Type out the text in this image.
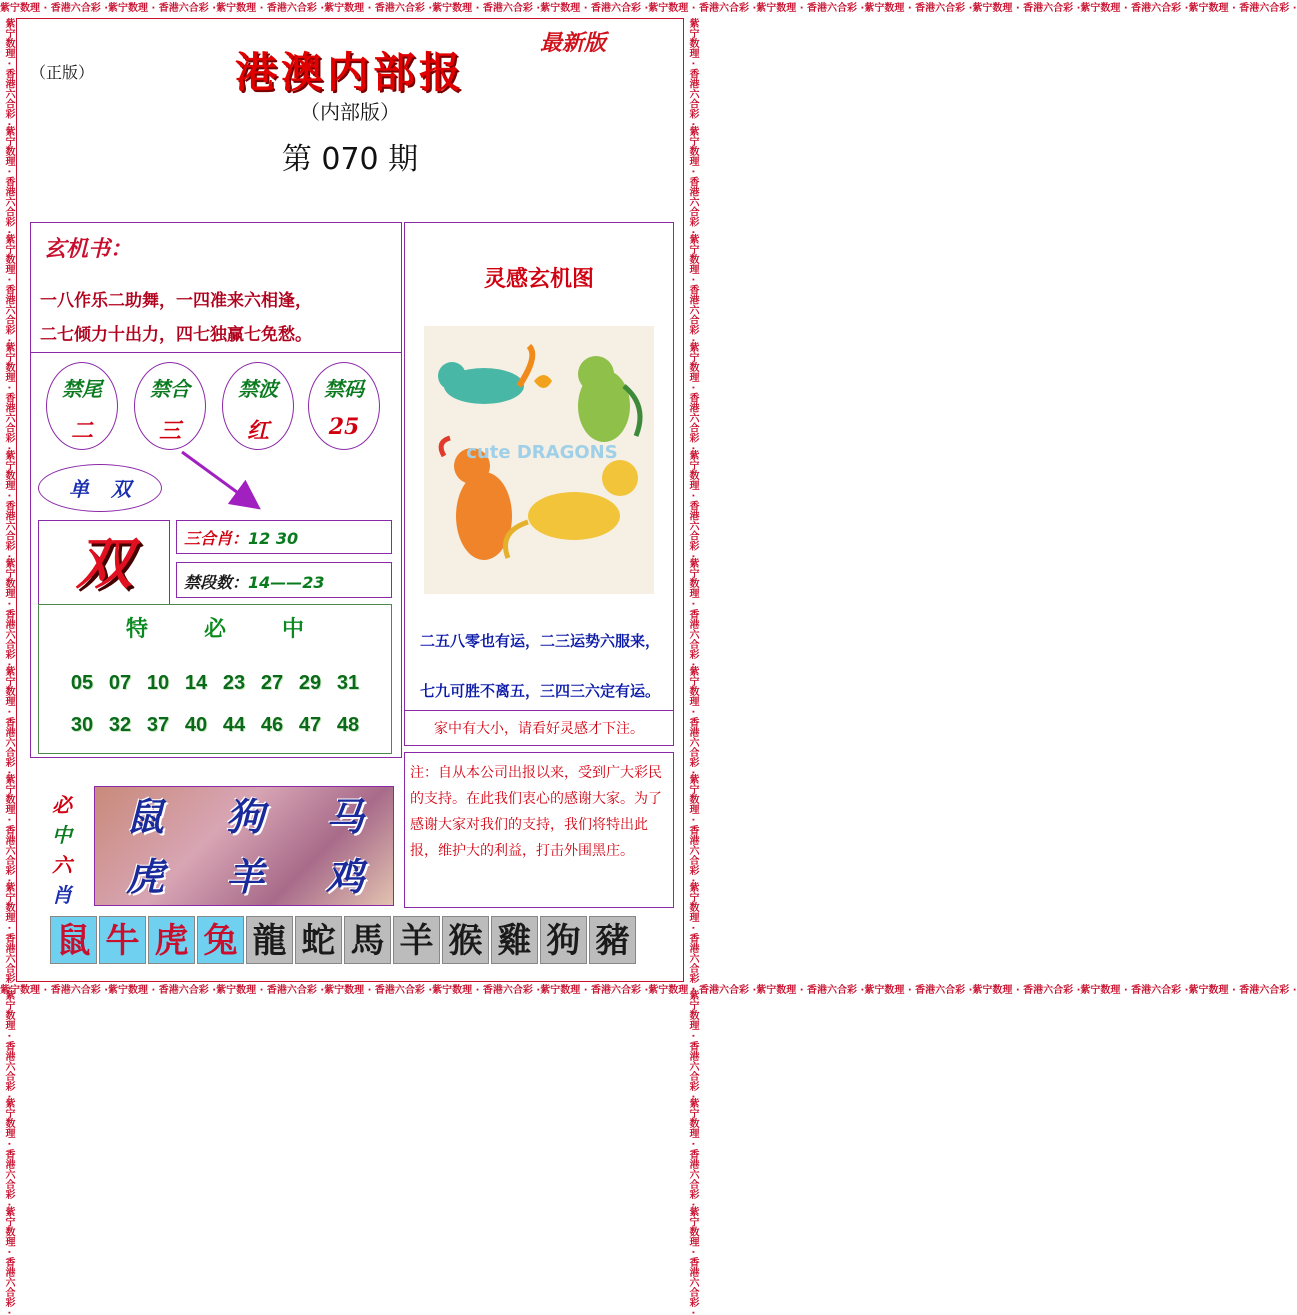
紫宁数理 · 香港六合彩 ·紫宁数理 · 香港六合彩 ·紫宁数理 · 香港六合彩 ·紫宁数理 · 香港六合彩 ·紫宁数理 · 香港六合彩 ·紫宁数理 · 香港六合彩 ·紫宁数理 · 香港六合彩 ·紫宁数理 · 香港六合彩 ·紫宁数理 · 香港六合彩 ·紫宁数理 · 香港六合彩 ·紫宁数理 · 香港六合彩 ·紫宁数理 · 香港六合彩 ·
紫宁数理 · 香港六合彩 ·紫宁数理 · 香港六合彩 ·紫宁数理 · 香港六合彩 ·紫宁数理 · 香港六合彩 ·紫宁数理 · 香港六合彩 ·紫宁数理 · 香港六合彩 ·紫宁数理 · 香港六合彩 ·紫宁数理 · 香港六合彩 ·紫宁数理 · 香港六合彩 ·紫宁数理 · 香港六合彩 ·紫宁数理 · 香港六合彩 ·紫宁数理 · 香港六合彩 ·
紫宁数理 · 香港六合彩 ·紫宁数理 · 香港六合彩 ·紫宁数理 · 香港六合彩 ·紫宁数理 · 香港六合彩 ·紫宁数理 · 香港六合彩 ·紫宁数理 · 香港六合彩 ·紫宁数理 · 香港六合彩 ·紫宁数理 · 香港六合彩 ·紫宁数理 · 香港六合彩 ·紫宁数理 · 香港六合彩 ·紫宁数理 · 香港六合彩 ·紫宁数理 · 香港六合彩 ·	紫宁数理 · 香港六合彩 ·紫宁数理 · 香港六合彩 ·紫宁数理 · 香港六合彩 ·紫宁数理 · 香港六合彩 ·紫宁数理 · 香港六合彩 ·紫宁数理 · 香港六合彩 ·紫宁数理 · 香港六合彩 ·紫宁数理 · 香港六合彩 ·紫宁数理 · 香港六合彩 ·紫宁数理 · 香港六合彩 ·紫宁数理 · 香港六合彩 ·紫宁数理 · 香港六合彩 ·
（正版）
最新版
港澳内部报
（内部版）
第 070 期
玄机书：
一八作乐二助舞，一四准来六相逢，
二七倾力十出力，四七独赢七免愁。
禁尾
二
禁合
三
禁波
红
禁码
25
单双
双	三合肖：12 30
禁段数：14——23
特	必	中
05 07 10 14 23 27 29 31
30 32 37 40 44 46 47 48
必
中
六
肖
鼠	狗	马
虎	羊	鸡
灵感玄机图
cute DRAGONS
二五八零也有运，二三运势六服来，
七九可胜不离五，三四三六定有运。
家中有大小，请看好灵感才下注。
注：自从本公司出报以来，受到广大彩民的支持。在此我们衷心的感谢大家。为了感谢大家对我们的支持，我们将特出此报，维护大的利益，打击外围黑庄。
鼠 牛 虎 兔 龍 蛇 馬 羊 猴 雞 狗 豬
